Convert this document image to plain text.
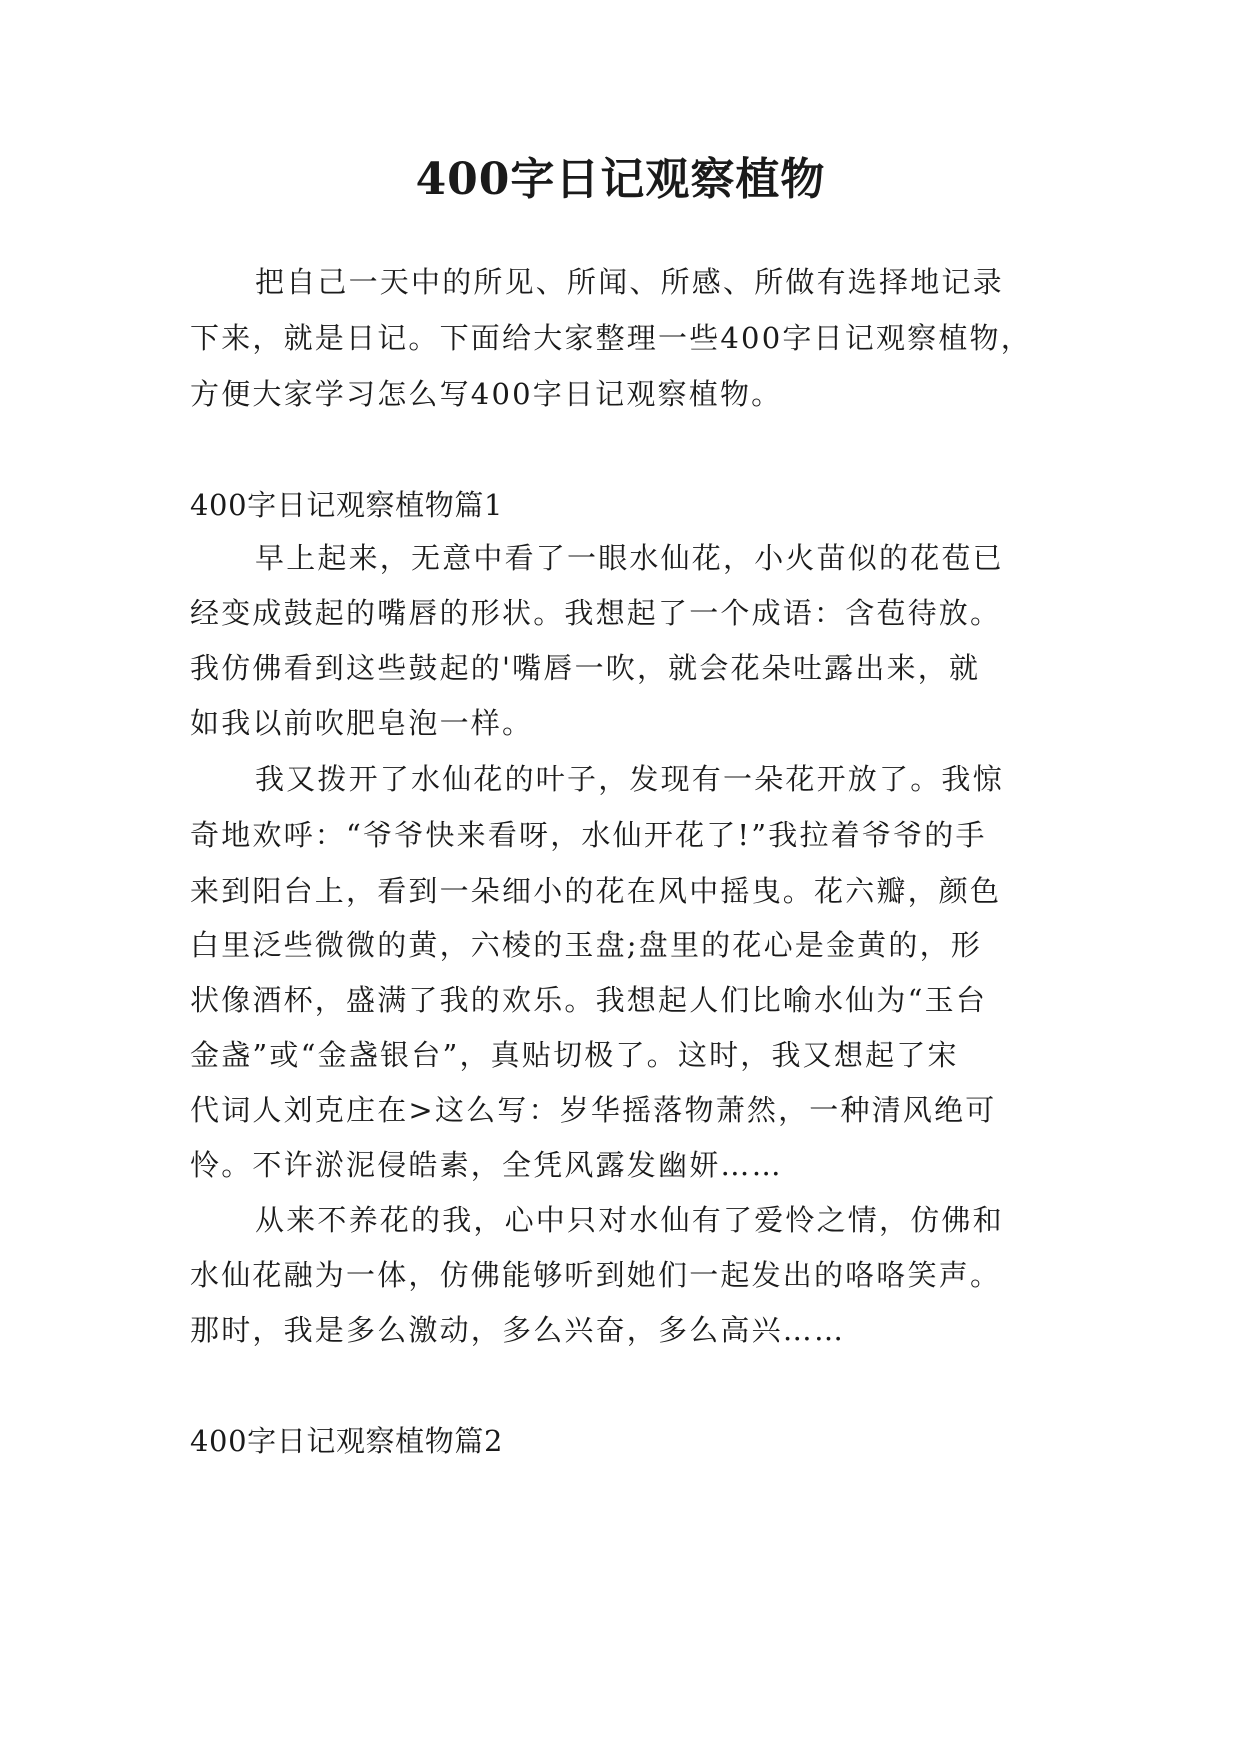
400字日记观察植物
把自己一天中的所见、所闻、所感、所做有选择地记录
下来，就是日记。下面给大家整理一些400字日记观察植物，
方便大家学习怎么写400字日记观察植物。
400字日记观察植物篇1
早上起来，无意中看了一眼水仙花，小火苗似的花苞已
经变成鼓起的嘴唇的形状。我想起了一个成语：含苞待放。
我仿佛看到这些鼓起的'嘴唇一吹，就会花朵吐露出来，就
如我以前吹肥皂泡一样。
我又拨开了水仙花的叶子，发现有一朵花开放了。我惊
奇地欢呼：“爷爷快来看呀，水仙开花了!”我拉着爷爷的手
来到阳台上，看到一朵细小的花在风中摇曳。花六瓣，颜色
白里泛些微微的黄，六棱的玉盘;盘里的花心是金黄的，形
状像酒杯，盛满了我的欢乐。我想起人们比喻水仙为“玉台
金盏”或“金盏银台”，真贴切极了。这时，我又想起了宋
代词人刘克庄在>这么写：岁华摇落物萧然，一种清风绝可
怜。不许淤泥侵皓素，全凭风露发幽妍……
从来不养花的我，心中只对水仙有了爱怜之情，仿佛和
水仙花融为一体，仿佛能够听到她们一起发出的咯咯笑声。
那时，我是多么激动，多么兴奋，多么高兴……
400字日记观察植物篇2
